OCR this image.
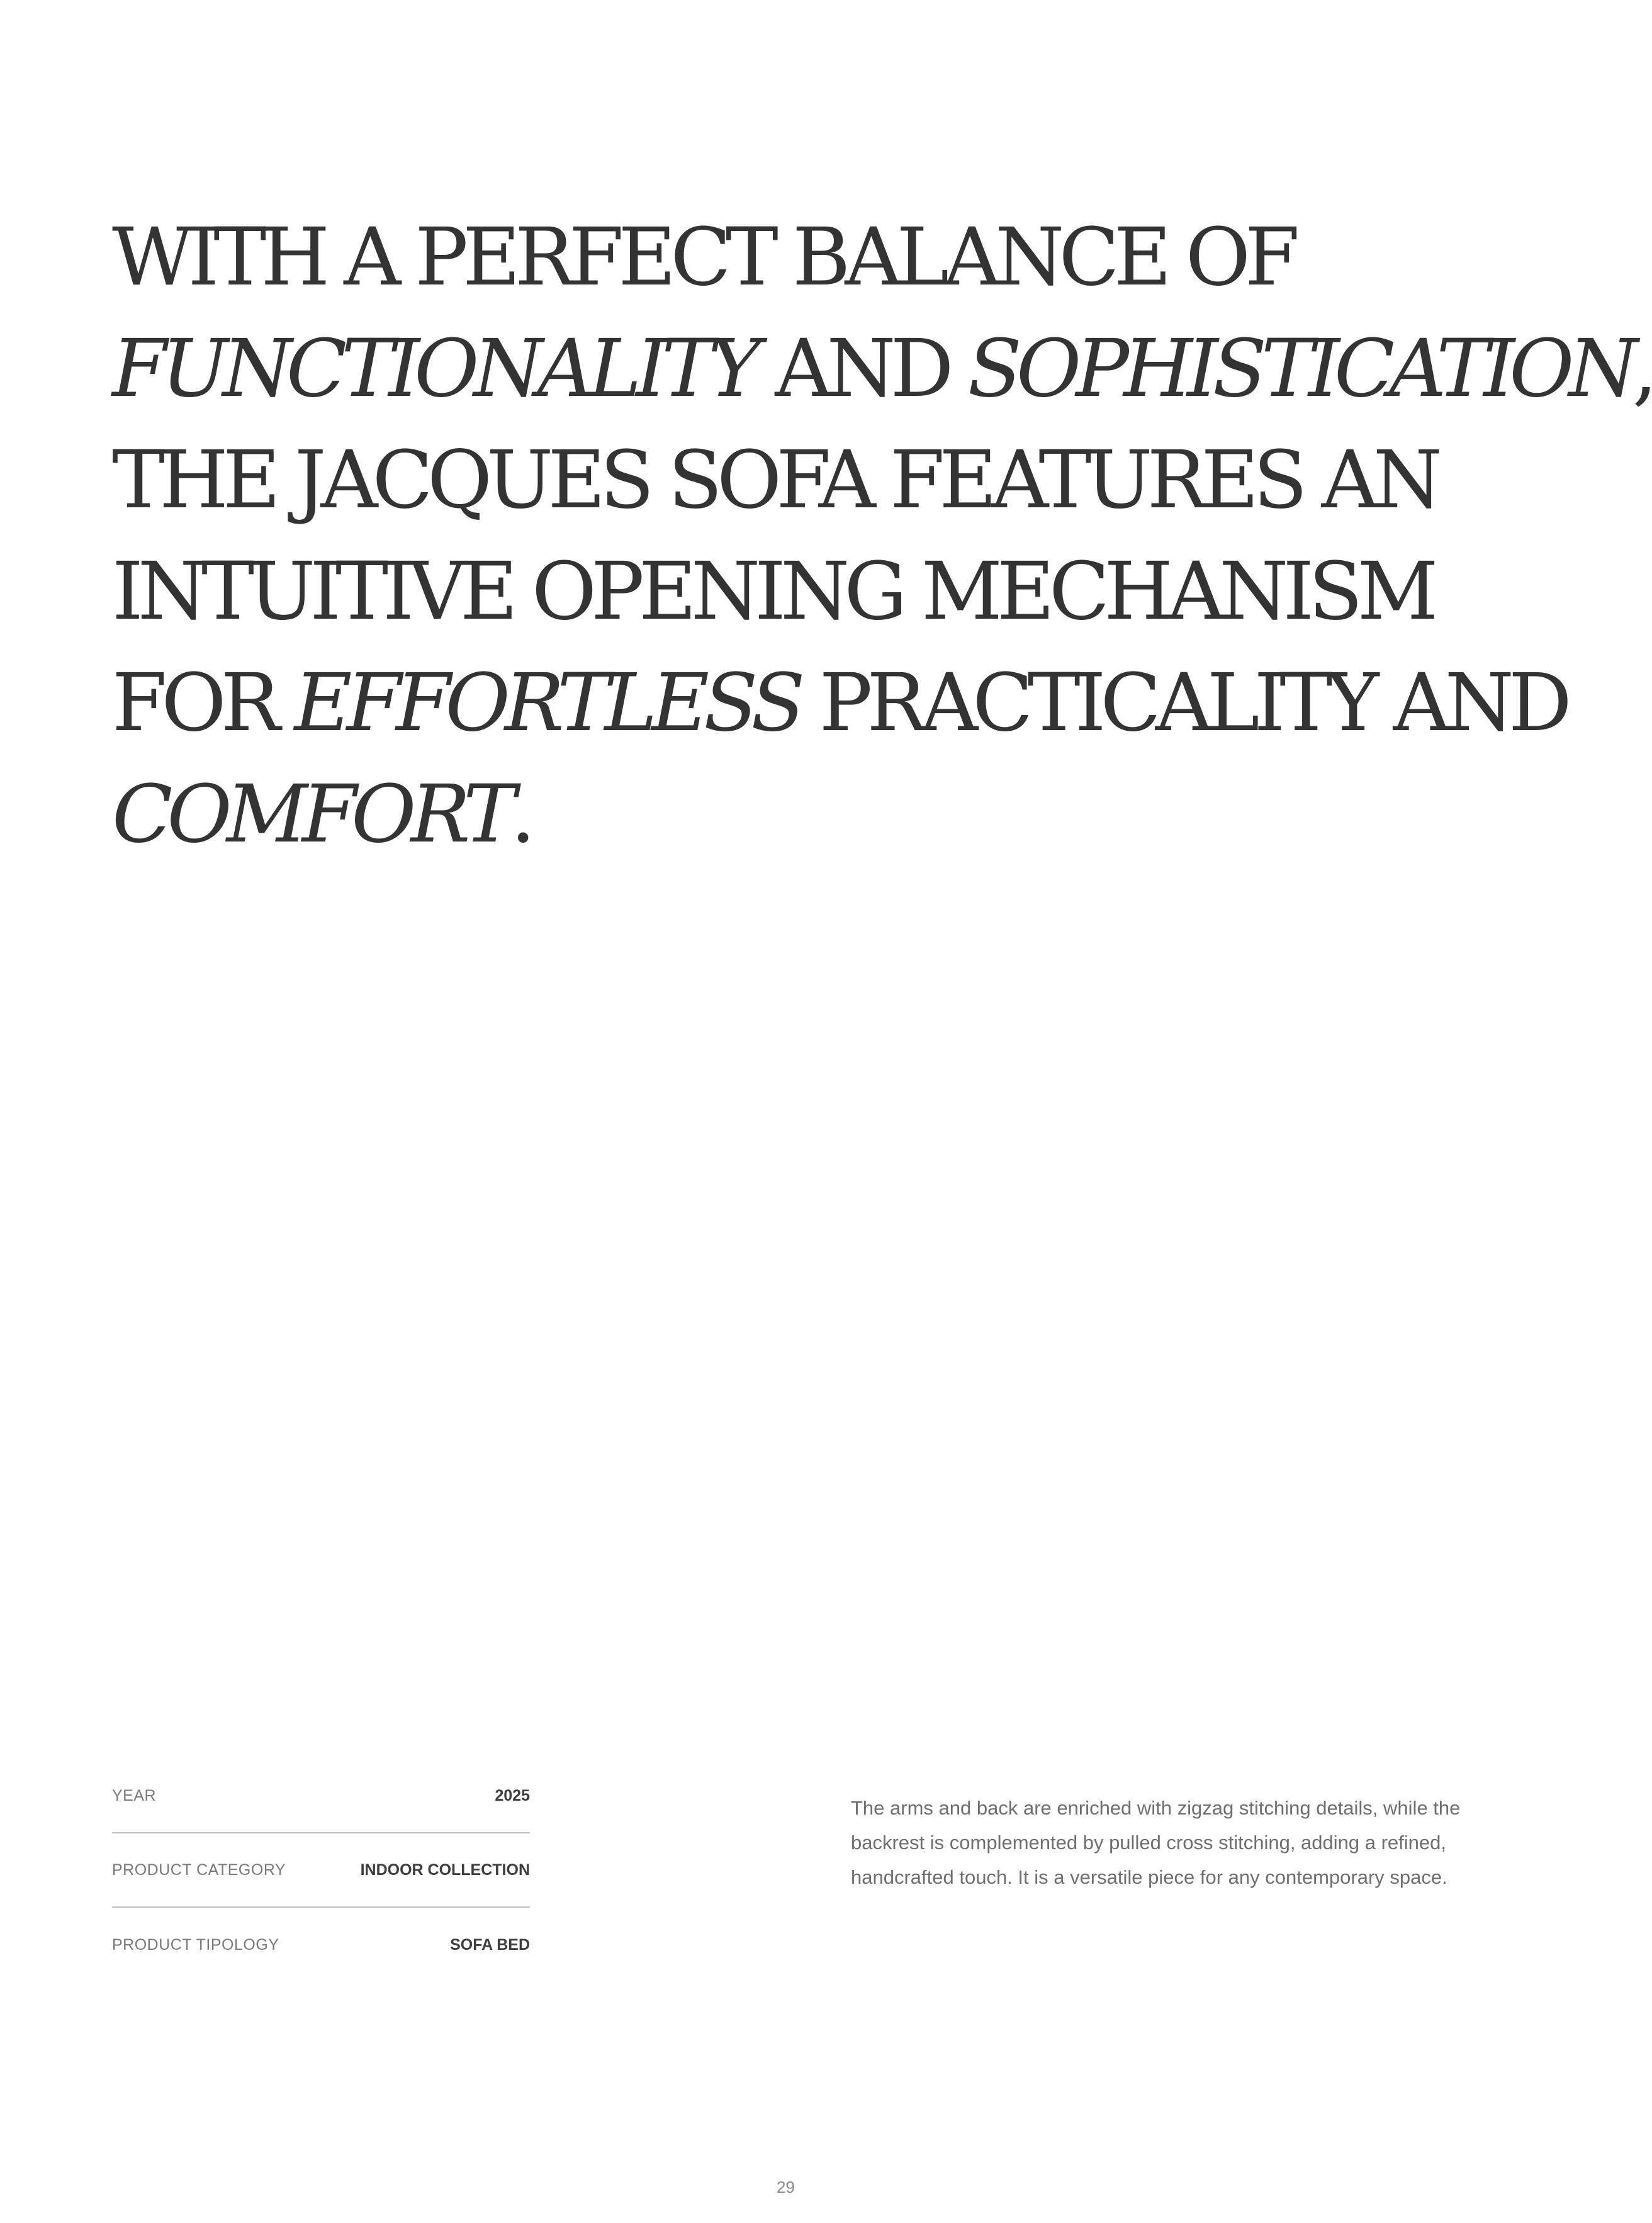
WITH A PERFECT BALANCE OF
FUNCTIONALITY AND SOPHISTICATION,
THE JACQUES SOFA FEATURES AN
INTUITIVE OPENING MECHANISM
FOR EFFORTLESS PRACTICALITY AND
COMFORT.
YEAR	2025
PRODUCT CATEGORY	INDOOR COLLECTION
PRODUCT TIPOLOGY	SOFA BED

The arms and back are enriched with zigzag stitching details, while the backrest is complemented by pulled cross stitching, adding a refined, handcrafted touch. It is a versatile piece for any contemporary space.

29
